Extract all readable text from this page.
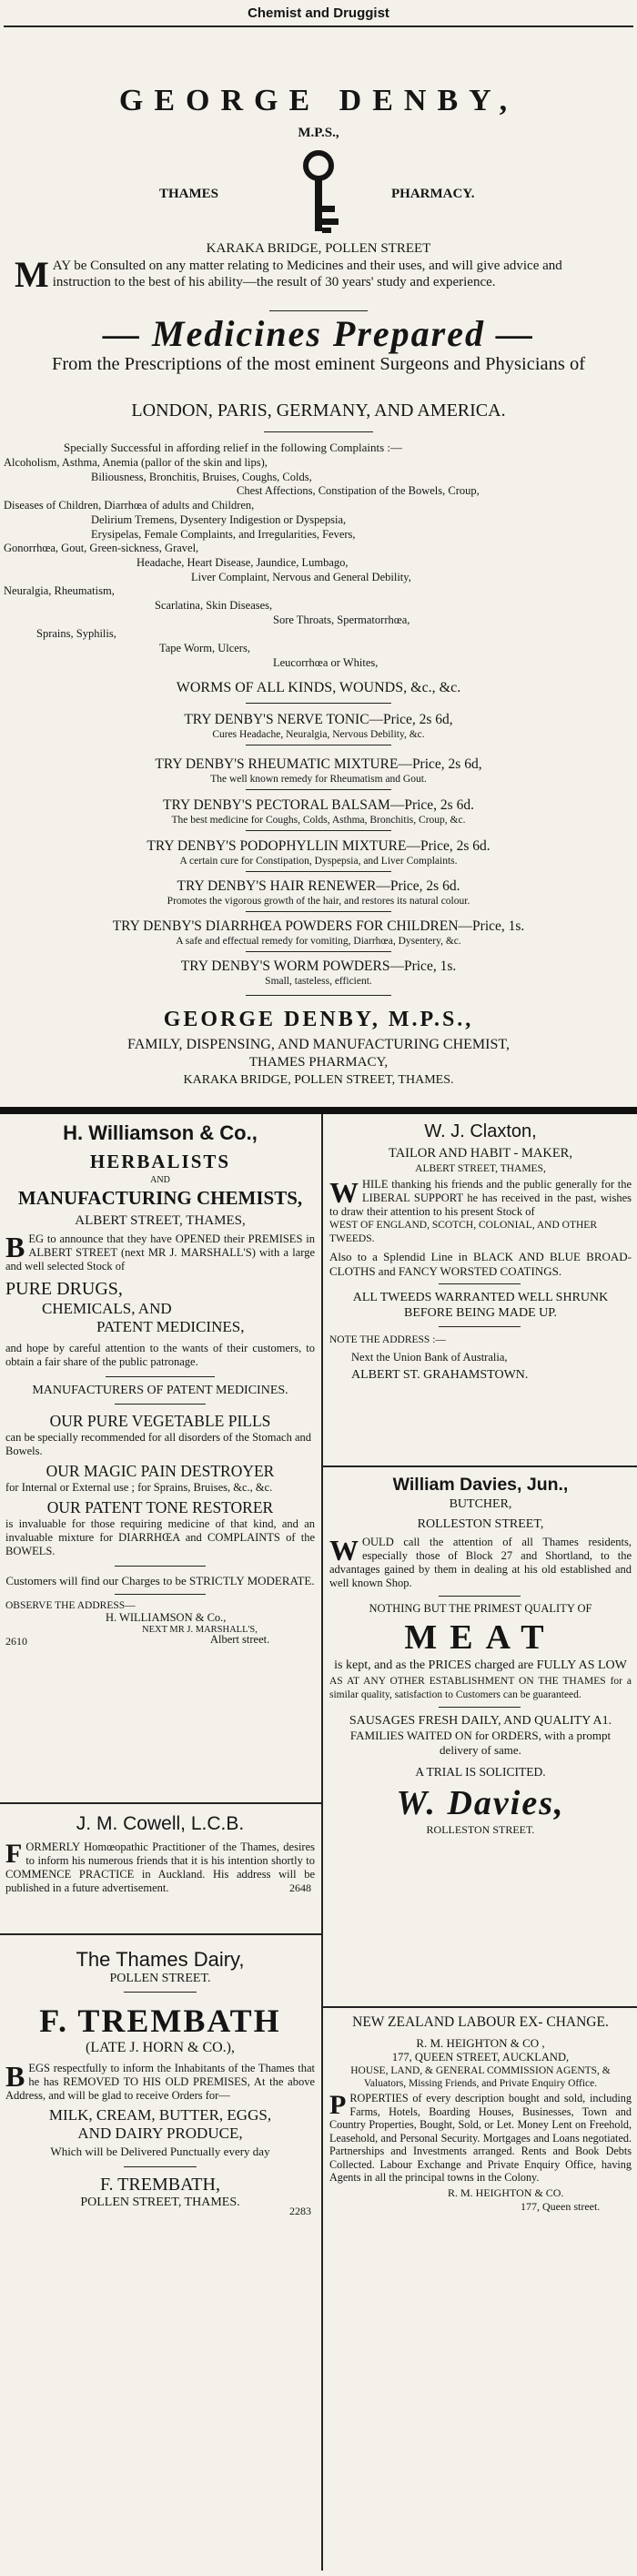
Chemist and Druggist
GEORGE DENBY,
M.P.S.,
THAMES	PHARMACY.
KARAKA BRIDGE, POLLEN STREET
M AY be Consulted on any matter relating to Medicines and their uses, and will give advice and instruction to the best of his ability—the result of 30 years' study and experience.
— Medicines Prepared —
From the Prescriptions of the most eminent Surgeons and Physicians of
LONDON, PARIS, GERMANY, AND AMERICA.
Specially Successful in affording relief in the following Complaints :—
Alcoholism, Asthma, Anemia (pallor of the skin and lips),
Biliousness, Bronchitis, Bruises, Coughs, Colds,
Chest Affections, Constipation of the Bowels, Croup,
Diseases of Children, Diarrhœa of adults and Children,
Delirium Tremens, Dysentery Indigestion or Dyspepsia,
Erysipelas, Female Complaints, and Irregularities, Fevers,
Gonorrhœa, Gout, Green-sickness, Gravel,
Headache, Heart Disease, Jaundice, Lumbago,
Liver Complaint, Nervous and General Debility,
Neuralgia, Rheumatism,
Scarlatina, Skin Diseases,
Sore Throats, Spermatorrhœa,
Sprains, Syphilis,
Tape Worm, Ulcers,
Leucorrhœa or Whites,
WORMS OF ALL KINDS, WOUNDS, &c., &c.
TRY DENBY'S NERVE TONIC—Price, 2s 6d,
Cures Headache, Neuralgia, Nervous Debility, &c.
TRY DENBY'S RHEUMATIC MIXTURE—Price, 2s 6d,
The well known remedy for Rheumatism and Gout.
TRY DENBY'S PECTORAL BALSAM—Price, 2s 6d.
The best medicine for Coughs, Colds, Asthma, Bronchitis, Croup, &c.
TRY DENBY'S PODOPHYLLIN MIXTURE—Price, 2s 6d.
A certain cure for Constipation, Dyspepsia, and Liver Complaints.
TRY DENBY'S HAIR RENEWER—Price, 2s 6d.
Promotes the vigorous growth of the hair, and restores its natural colour.
TRY DENBY'S DIARRHŒA POWDERS FOR CHILDREN—Price, 1s.
A safe and effectual remedy for vomiting, Diarrhœa, Dysentery, &c.
TRY DENBY'S WORM POWDERS—Price, 1s.
Small, tasteless, efficient.
GEORGE DENBY, M.P.S.,
FAMILY, DISPENSING, AND MANUFACTURING CHEMIST,
THAMES PHARMACY,
KARAKA BRIDGE, POLLEN STREET, THAMES.
H. Williamson & Co.,
HERBALISTS
AND
MANUFACTURING CHEMISTS,
ALBERT STREET, THAMES,
B EG to announce that they have OPENED their PREMISES in ALBERT STREET (next MR J. MARSHALL'S) with a large and well selected Stock of
PURE DRUGS,
CHEMICALS, AND
PATENT MEDICINES,
and hope by careful attention to the wants of their customers, to obtain a fair share of the public patronage.
MANUFACTURERS OF PATENT MEDICINES.
OUR PURE VEGETABLE PILLS
can be specially recommended for all disorders of the Stomach and Bowels.
OUR MAGIC PAIN DESTROYER
for Internal or External use ; for Sprains, Bruises, &c., &c.
OUR PATENT TONE RESTORER
is invaluable for those requiring medicine of that kind, and an invaluable mixture for DIARRHŒA and COMPLAINTS of the BOWELS.
Customers will find our Charges to be STRICTLY MODERATE.
OBSERVE THE ADDRESS—
H. WILLIAMSON & Co.,
NEXT MR J. MARSHALL'S,
2610	Albert street.
J. M. Cowell, L.C.B.
F ORMERLY Homœopathic Practitioner of the Thames, desires to inform his numerous friends that it is his intention shortly to COMMENCE PRACTICE in Auckland. His address will be published in a future advertisement.	2648
The Thames Dairy,
POLLEN STREET.
F. TREMBATH
(LATE J. HORN & CO.),
B EGS respectfully to inform the Inhabitants of the Thames that he has REMOVED TO HIS OLD PREMISES, At the above Address, and will be glad to receive Orders for—
MILK, CREAM, BUTTER, EGGS,
AND DAIRY PRODUCE,
Which will be Delivered Punctually every day
F. TREMBATH,
POLLEN STREET, THAMES.
2283
W. J. Claxton,
TAILOR AND HABIT - MAKER,
ALBERT STREET, THAMES,
W HILE thanking his friends and the public generally for the LIBERAL SUPPORT he has received in the past, wishes to draw their attention to his present Stock of
WEST OF ENGLAND, SCOTCH, COLONIAL, AND OTHER TWEEDS.
Also to a Splendid Line in BLACK AND BLUE BROAD-CLOTHS and FANCY WORSTED COATINGS.
ALL TWEEDS WARRANTED WELL SHRUNK BEFORE BEING MADE UP.
NOTE THE ADDRESS :—
Next the Union Bank of Australia,
ALBERT ST. GRAHAMSTOWN.
William Davies, Jun.,
BUTCHER,
ROLLESTON STREET,
W OULD call the attention of all Thames residents, especially those of Block 27 and Shortland, to the advantages gained by them in dealing at his old established and well known Shop.
NOTHING BUT THE PRIMEST QUALITY OF
MEAT
is kept, and as the PRICES charged are FULLY AS LOW
AS AT ANY OTHER ESTABLISHMENT ON THE THAMES for a similar quality, satisfaction to Customers can be guaranteed.
SAUSAGES FRESH DAILY, AND QUALITY A1.
FAMILIES WAITED ON for ORDERS, with a prompt delivery of same.
A TRIAL IS SOLICITED.
W. Davies,
ROLLESTON STREET.
NEW ZEALAND LABOUR EX- CHANGE.
R. M. HEIGHTON & CO ,
177, QUEEN STREET, AUCKLAND,
HOUSE, LAND, & GENERAL COMMISSION AGENTS, & Valuators, Missing Friends, and Private Enquiry Office.
P ROPERTIES of every description bought and sold, including Farms, Hotels, Boarding Houses, Businesses, Town and Country Properties, Bought, Sold, or Let. Money Lent on Freehold, Leasehold, and Personal Security. Mortgages and Loans negotiated. Partnerships and Investments arranged. Rents and Book Debts Collected. Labour Exchange and Private Enquiry Office, having Agents in all the principal towns in the Colony.
R. M. HEIGHTON & CO.
177, Queen street.
